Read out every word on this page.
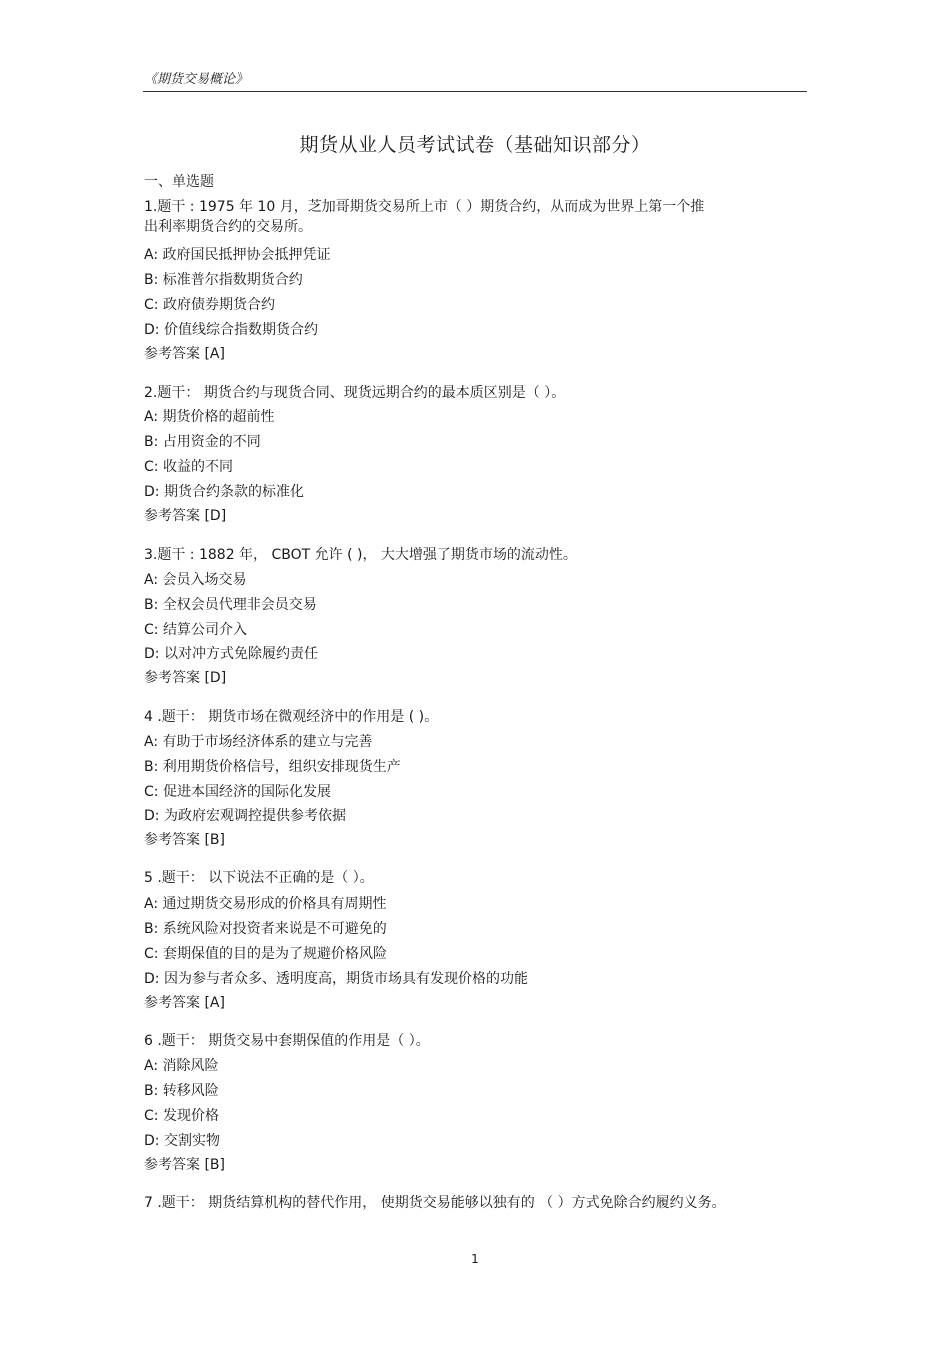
《期货交易概论》
期货从业人员考试试卷（基础知识部分）
一、单选题
1.题干 : 1975 年 10 月，芝加哥期货交易所上市（ ）期货合约，从而成为世界上第一个推
出利率期货合约的交易所。
A: 政府国民抵押协会抵押凭证
B: 标准普尔指数期货合约
C: 政府债券期货合约
D: 价值线综合指数期货合约
参考答案 [A]
2.题干： 期货合约与现货合同、现货远期合约的最本质区别是（ ）。
A: 期货价格的超前性
B: 占用资金的不同
C: 收益的不同
D: 期货合约条款的标准化
参考答案 [D]
3.题干 : 1882 年， CBOT 允许 ( )， 大大增强了期货市场的流动性。
A: 会员入场交易
B: 全权会员代理非会员交易
C: 结算公司介入
D: 以对冲方式免除履约责任
参考答案 [D]
4 .题干： 期货市场在微观经济中的作用是 ( )。
A: 有助于市场经济体系的建立与完善
B: 利用期货价格信号，组织安排现货生产
C: 促进本国经济的国际化发展
D: 为政府宏观调控提供参考依据
参考答案 [B]
5 .题干： 以下说法不正确的是（ ）。
A: 通过期货交易形成的价格具有周期性
B: 系统风险对投资者来说是不可避免的
C: 套期保值的目的是为了规避价格风险
D: 因为参与者众多、透明度高，期货市场具有发现价格的功能
参考答案 [A]
6 .题干： 期货交易中套期保值的作用是（ ）。
A: 消除风险
B: 转移风险
C: 发现价格
D: 交割实物
参考答案 [B]
7 .题干： 期货结算机构的替代作用， 使期货交易能够以独有的 （ ）方式免除合约履约义务。
1
